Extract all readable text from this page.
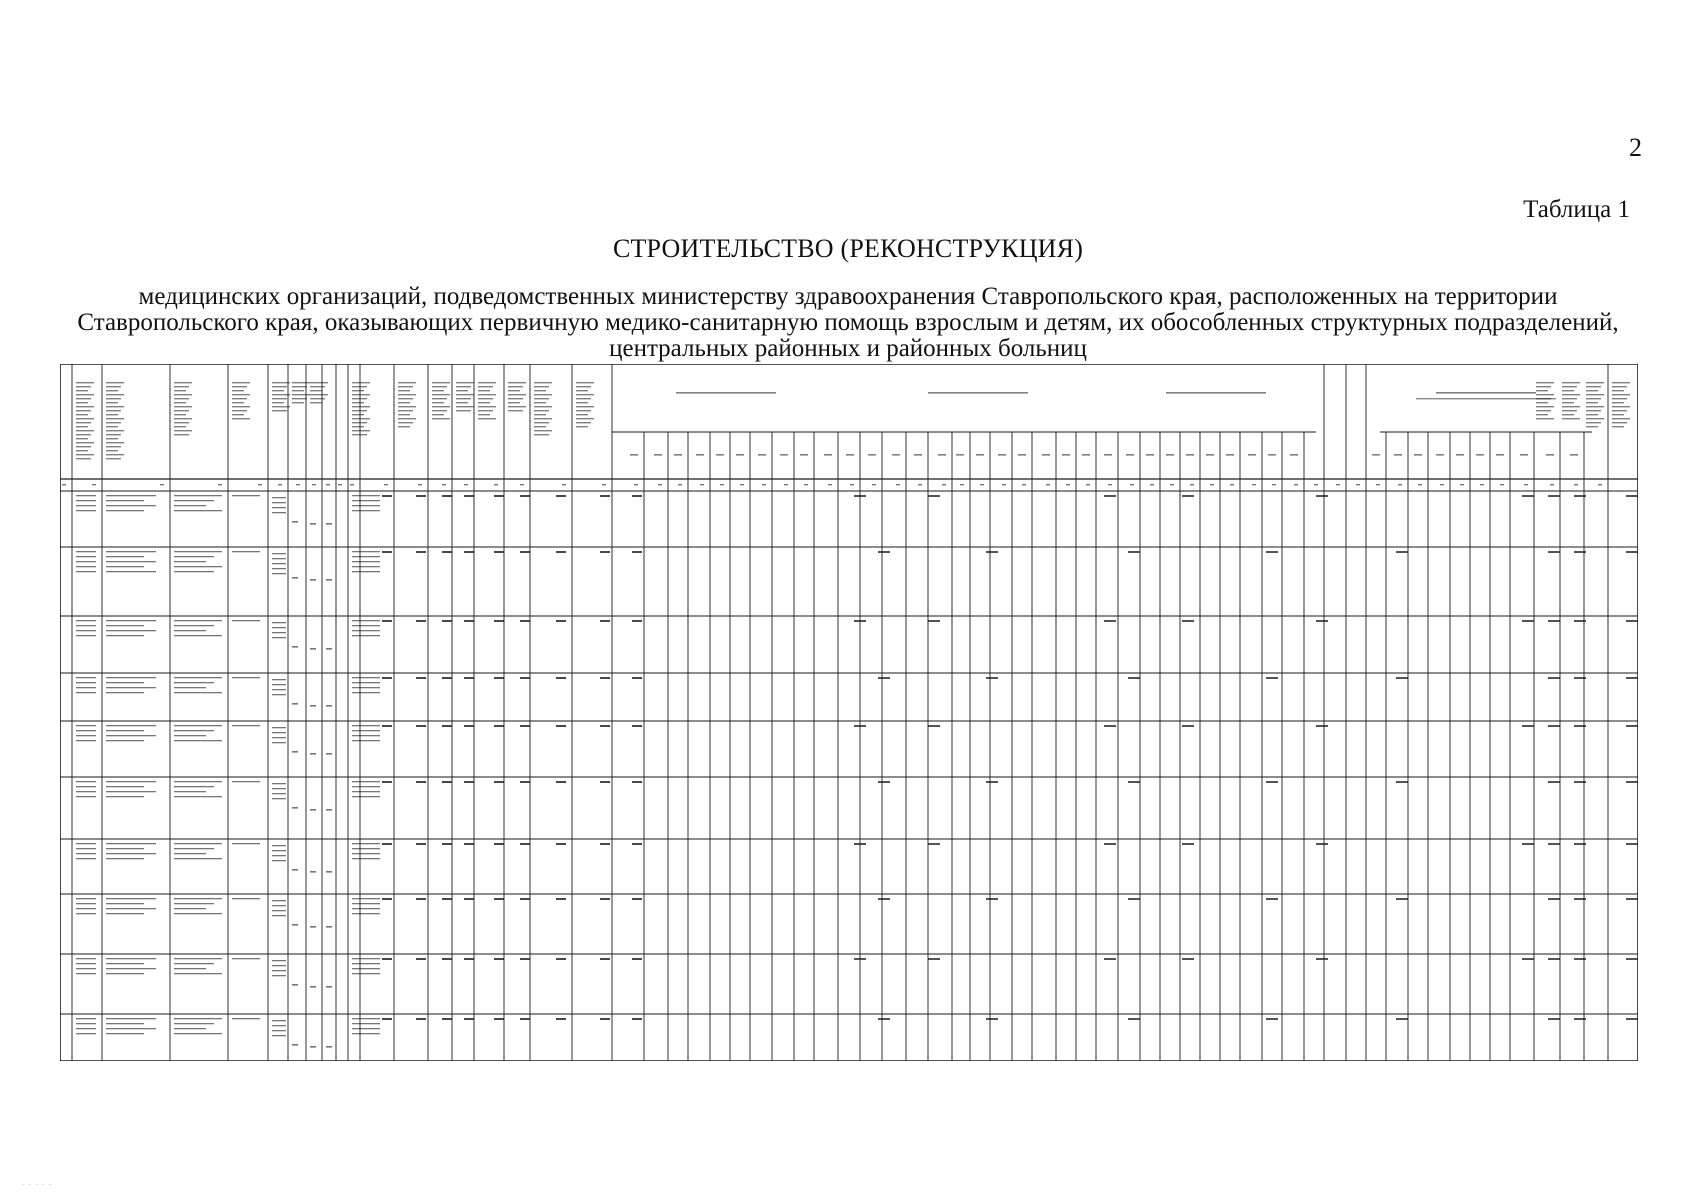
2
Таблица 1
СТРОИТЕЛЬСТВО (РЕКОНСТРУКЦИЯ)
медицинских организаций, подведомственных министерству здравоохранения Ставропольского края, расположенных на территории Ставропольского края, оказывающих первичную медико-санитарную помощь взрослым и детям, их обособленных структурных подразделений, центральных районных и районных больниц
- - - - -
